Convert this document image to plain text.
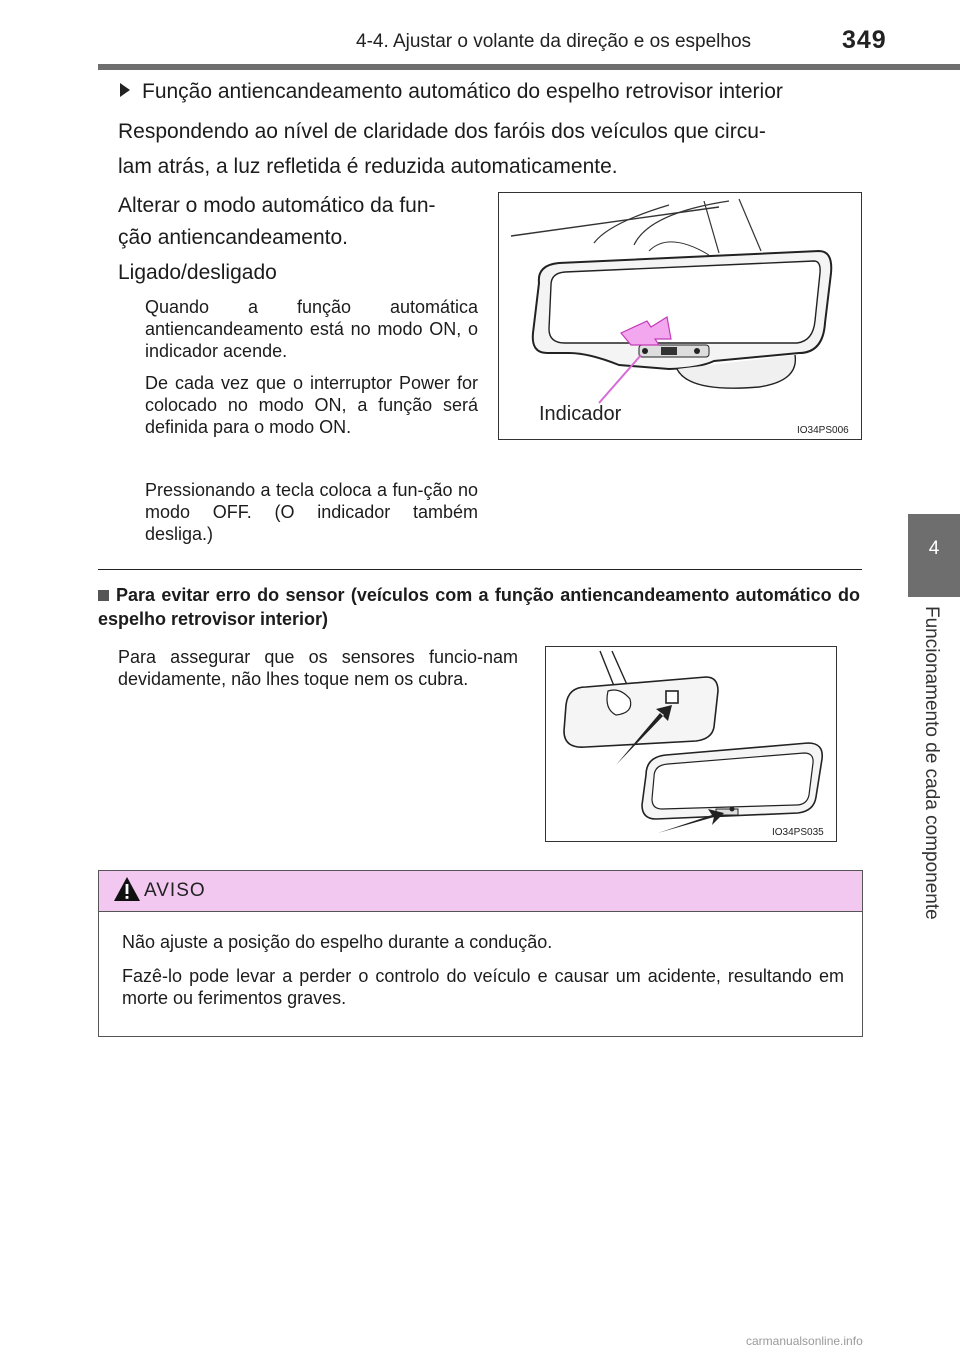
4-4. Ajustar o volante da direção e os espelhos	349
4
Funcionamento de cada componente
Função antiencandeamento automático do espelho retrovisor interior
Respondendo ao nível de claridade dos faróis dos veículos que circu-
lam atrás, a luz refletida é reduzida automaticamente.
Alterar o modo automático da fun-
ção antiencandeamento.
Ligado/desligado
Quando a função automática antiencandeamento está no modo ON, o indicador acende.
De cada vez que o interruptor Power for colocado no modo ON, a função será definida para o modo ON.
Pressionando a tecla coloca a fun-ção no modo OFF. (O indicador também desliga.)
Indicador
IO34PS006
Para evitar erro do sensor (veículos com a função antiencandeamento automático do espelho retrovisor interior)
Para assegurar que os sensores funcio-nam devidamente, não lhes toque nem os cubra.
IO34PS035
AVISO
Não ajuste a posição do espelho durante a condução.
Fazê-lo pode levar a perder o controlo do veículo e causar um acidente, resultando em morte ou ferimentos graves.
carmanualsonline.info
